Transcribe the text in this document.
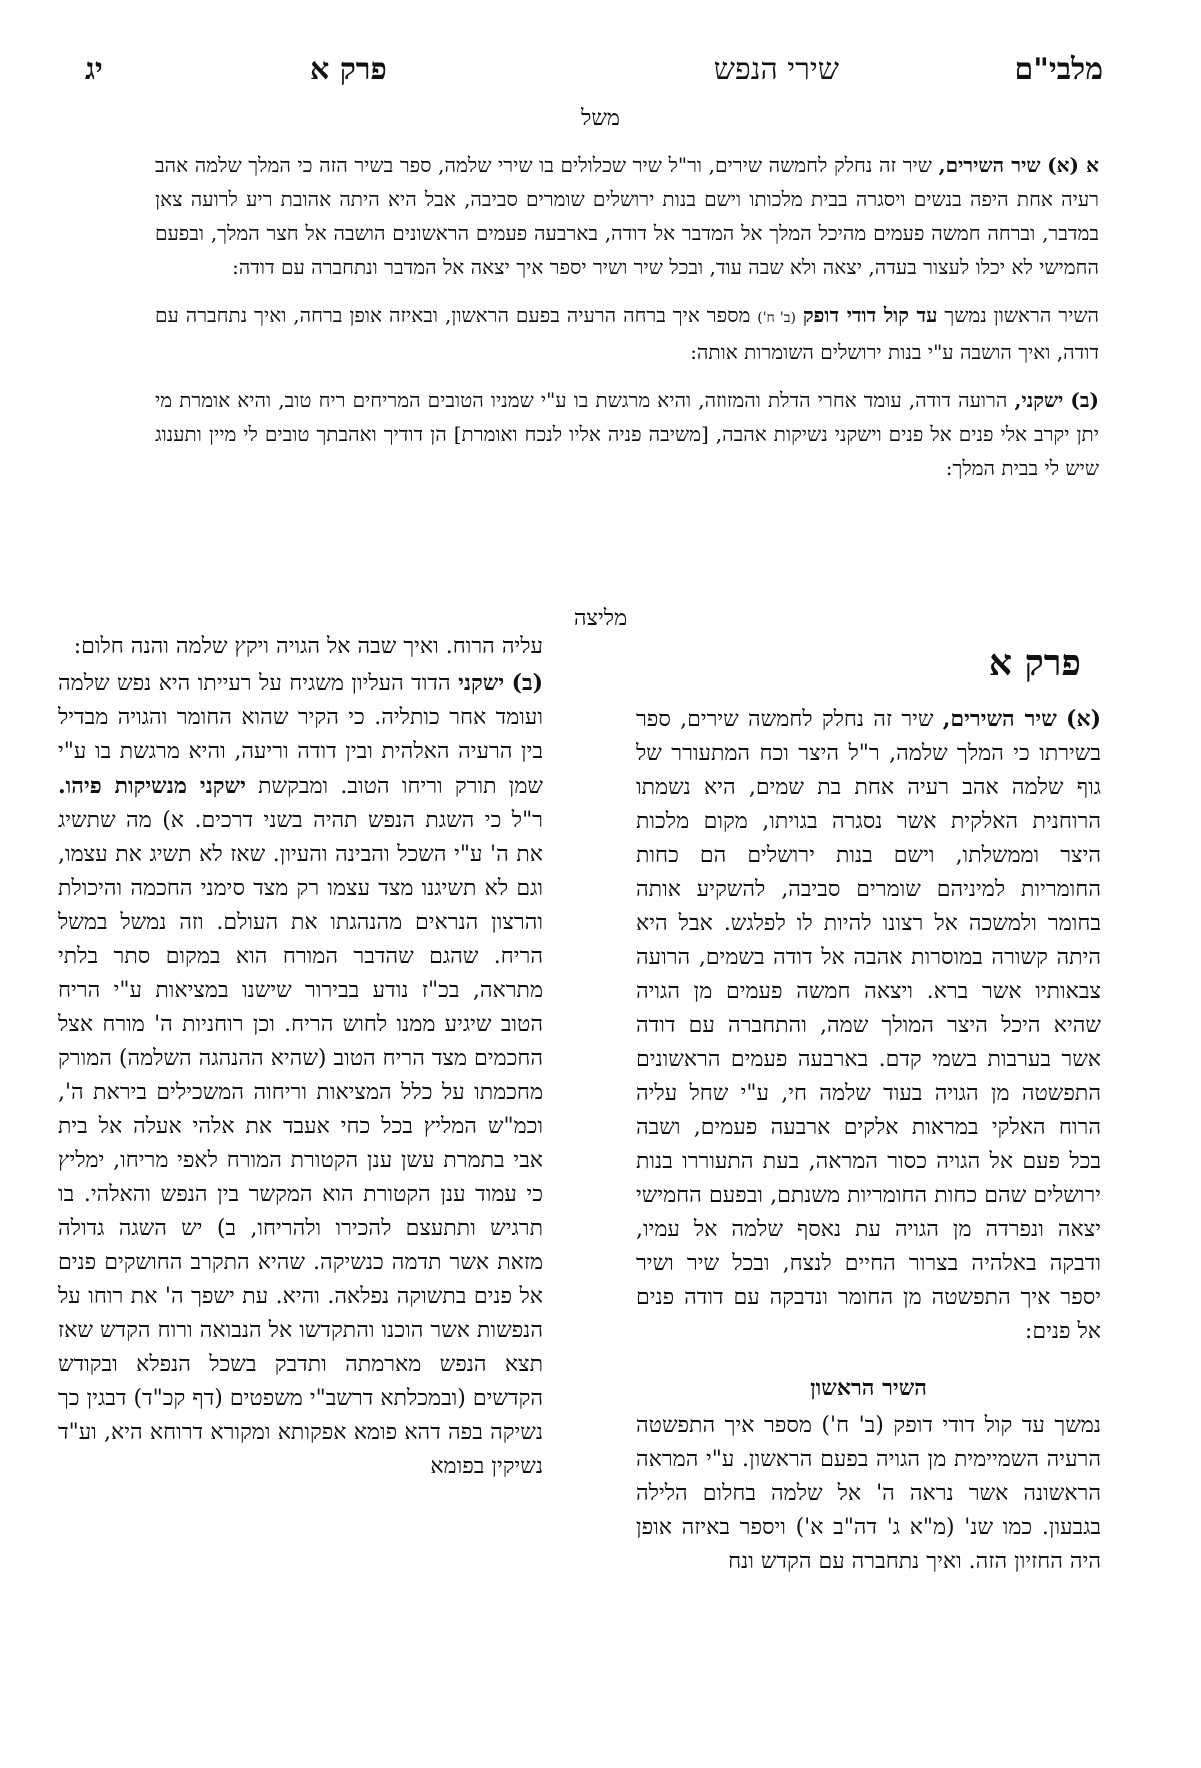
מלבי"ם
שירי הנפש
פרק א
יג
משל

א (א) שיר השירים, שיר זה נחלק לחמשה שירים, ור"ל שיר שכלולים בו שירי שלמה, ספר בשיר הזה כי המלך שלמה אהב רעיה אחת היפה בנשים ויסגרה בבית מלכותו וישם בנות ירושלים שומרים סביבה, אבל היא היתה אהובת ריע לרועה צאן במדבר, וברחה חמשה פעמים מהיכל המלך אל המדבר אל דודה, בארבעה פעמים הראשונים הושבה אל חצר המלך, ובפעם החמישי לא יכלו לעצור בעדה, יצאה ולא שבה עוד, ובכל שיר ושיר יספר איך יצאה אל המדבר ונתחברה עם דודה:

השיר הראשון נמשך עד קול דודי דופק (ב' ח') מספר איך ברחה הרעיה בפעם הראשון, ובאיזה אופן ברחה, ואיך נתחברה עם דודה, ואיך הושבה ע"י בנות ירושלים השומרות אותה:

(ב) ישקני, הרועה דודה, עומד אחרי הדלת והמזוזה, והיא מרגשת בו ע"י שמניו הטובים המריחים ריח טוב, והיא אומרת מי יתן יקרב אלי פנים אל פנים וישקני נשיקות אהבה, [משיבה פניה אליו לנכח ואומרת] הן דודיך ואהבתך טובים לי מיין ותענוג שיש לי בבית המלך:

מליצה
פרק א

(א) שיר השירים, שיר זה נחלק לחמשה שירים, ספר בשירתו כי המלך שלמה, ר"ל היצר וכח המתעורר של גוף שלמה אהב רעיה אחת בת שמים, היא נשמתו הרוחנית האלקית אשר נסגרה בגויתו, מקום מלכות היצר וממשלתו, וישם בנות ירושלים הם כחות החומריות למיניהם שומרים סביבה, להשקיע אותה בחומר ולמשכה אל רצונו להיות לו לפלגש. אבל היא היתה קשורה במוסרות אהבה אל דודה בשמים, הרועה צבאותיו אשר ברא. ויצאה חמשה פעמים מן הגויה שהיא היכל היצר המולך שמה, והתחברה עם דודה אשר בערבות בשמי קדם. בארבעה פעמים הראשונים התפשטה מן הגויה בעוד שלמה חי, ע"י שחל עליה הרוח האלקי במראות אלקים ארבעה פעמים, ושבה בכל פעם אל הגויה כסור המראה, בעת התעוררו בנות ירושלים שהם כחות החומריות משנתם, ובפעם החמישי יצאה ונפרדה מן הגויה עת נאסף שלמה אל עמיו, ודבקה באלהיה בצרור החיים לנצח, ובכל שיר ושיר יספר איך התפשטה מן החומר ונדבקה עם דודה פנים אל פנים:

השיר הראשון

נמשך עד קול דודי דופק (ב' ח') מספר איך התפשטה הרעיה השמיימית מן הגויה בפעם הראשון. ע"י המראה הראשונה אשר נראה ה' אל שלמה בחלום הלילה בגבעון. כמו שנ' (מ"א ג' דה"ב א') ויספר באיזה אופן היה החזיון הזה. ואיך נתחברה עם הקדש ונח

עליה הרוח. ואיך שבה אל הגויה ויקץ שלמה והנה חלום:

(ב) ישקני הדוד העליון משגיח על רעייתו היא נפש שלמה ועומד אחר כותליה. כי הקיר שהוא החומר והגויה מבדיל בין הרעיה האלהית ובין דודה וריעה, והיא מרגשת בו ע"י שמן תורק וריחו הטוב. ומבקשת ישקני מנשיקות פיהו. ר"ל כי השגת הנפש תהיה בשני דרכים. א) מה שתשיג את ה' ע"י השכל והבינה והעיון. שאז לא תשיג את עצמו, וגם לא תשיגנו מצד עצמו רק מצד סימני החכמה והיכולת והרצון הנראים מהנהגתו את העולם. וזה נמשל במשל הריח. שהגם שהדבר המורח הוא במקום סתר בלתי מתראה, בכ"ז נודע בבירור שישנו במציאות ע"י הריח הטוב שיגיע ממנו לחוש הריח. וכן רוחניות ה' מורח אצל החכמים מצד הריח הטוב (שהיא ההנהגה השלמה) המורק מחכמתו על כלל המציאות וריחוה המשכילים ביראת ה', וכמ"ש המליץ בכל כחי אעבד את אלהי אעלה אל בית אבי בתמרת עשן ענן הקטורת המורח לאפי מריחו, ימליץ כי עמוד ענן הקטורת הוא המקשר בין הנפש והאלהי. בו תרגיש ותתעצם להכירו ולהריחו, ב) יש השגה גדולה מזאת אשר תדמה כנשיקה. שהיא התקרב החושקים פנים אל פנים בתשוקה נפלאה. והיא. עת ישפך ה' את רוחו על הנפשות אשר הוכנו והתקדשו אל הנבואה ורוח הקדש שאז תצא הנפש מארמתה ותדבק בשכל הנפלא ובקודש הקדשים (ובמכלתא דרשב"י משפטים (דף קכ"ד) דבגין כך נשיקה בפה דהא פומא אפקותא ומקורא דרוחא היא, וע"ד נשיקין בפומא
